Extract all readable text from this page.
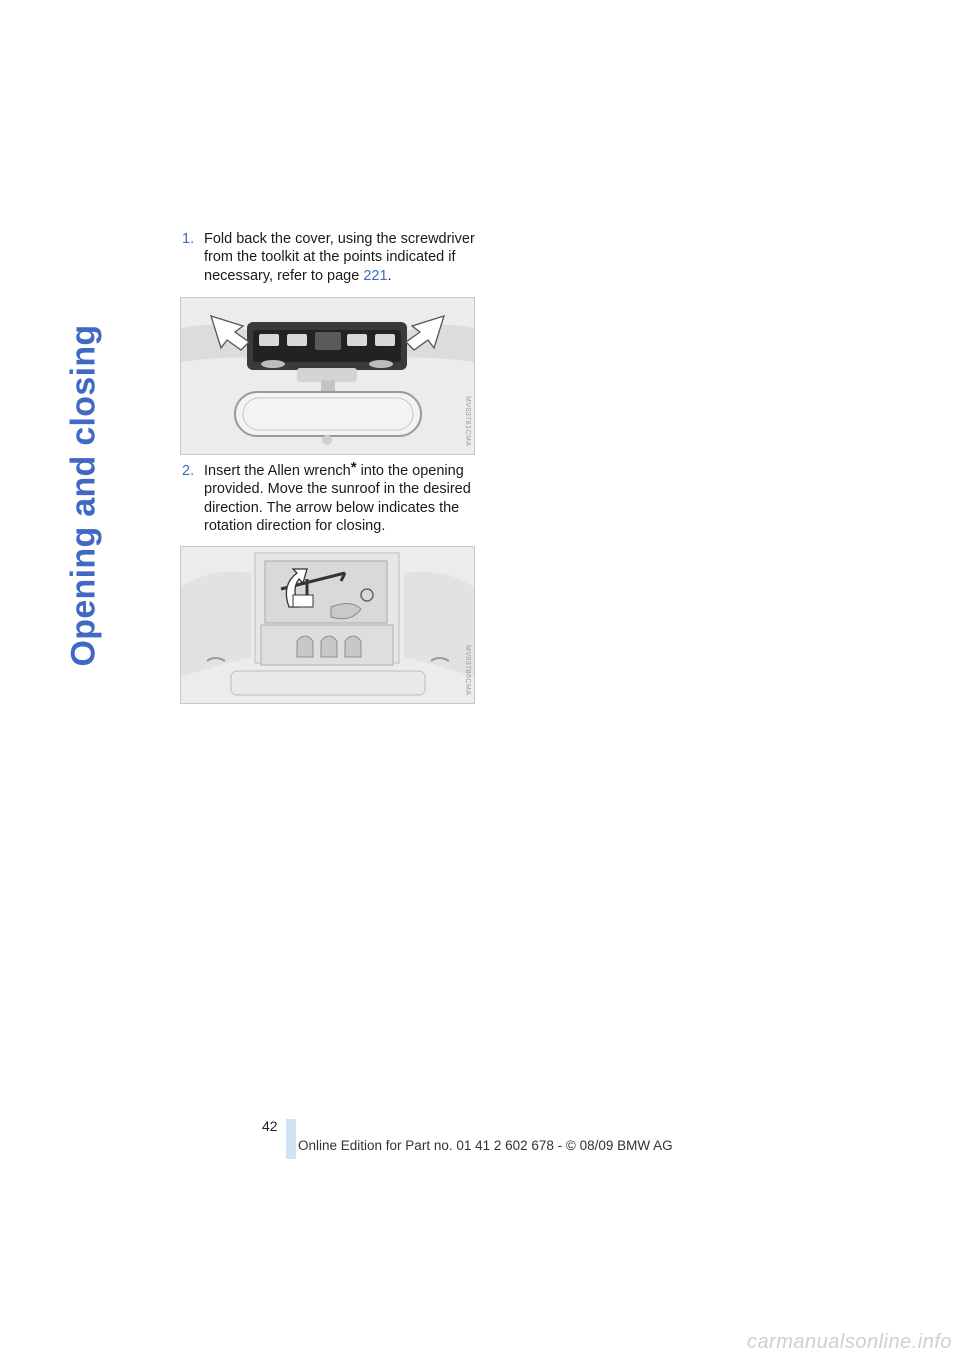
Opening and closing
1. Fold back the cover, using the screwdriver from the toolkit at the points indicated if necessary, refer to page 221.
MV03781CMA
2. Insert the Allen wrench* into the opening provided. Move the sunroof in the desired direction. The arrow below indicates the rotation direction for closing.
MV03786CMA
42
Online Edition for Part no. 01 41 2 602 678 - © 08/09 BMW AG
carmanualsonline.info
